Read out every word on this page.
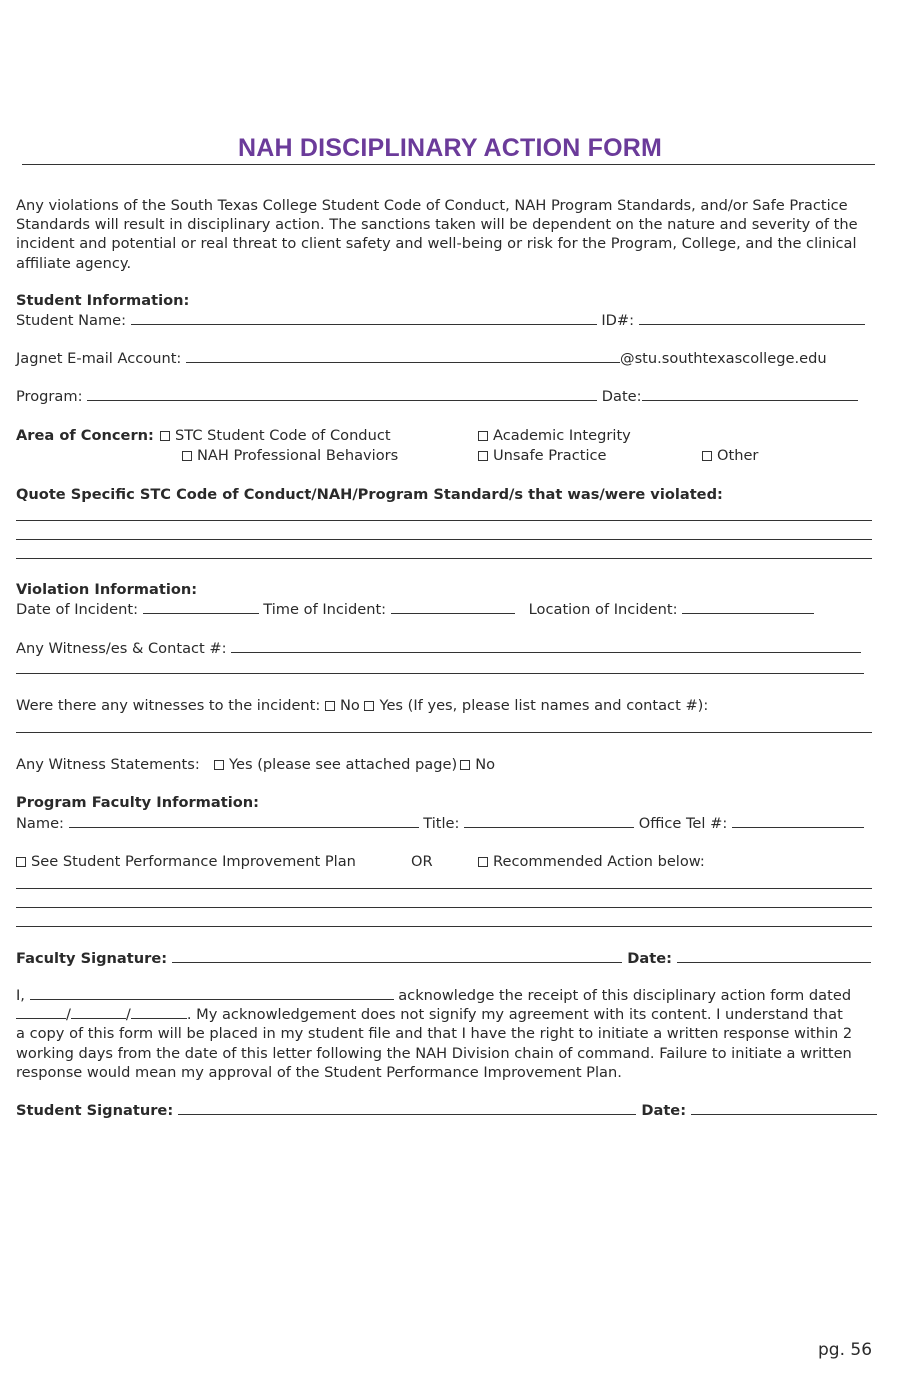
NAH DISCIPLINARY ACTION FORM

Any violations of the South Texas College Student Code of Conduct, NAH Program Standards, and/or Safe Practice Standards will result in disciplinary action. The sanctions taken will be dependent on the nature and severity of the incident and potential or real threat to client safety and well-being or risk for the Program, College, and the clinical affiliate agency.

Student Information:
Student Name:	ID#:
Jagnet E-mail Account:	@stu.southtexascollege.edu
Program:	Date:
Area of Concern:	STC Student Code of Conduct	Academic Integrity
NAH Professional Behaviors	Unsafe Practice	Other
Quote Specific STC Code of Conduct/NAH/Program Standard/s that was/were violated:
Violation Information:
Date of Incident:	Time of Incident:	Location of Incident:
Any Witness/es & Contact #:
Were there any witnesses to the incident: No Yes (If yes, please list names and contact #):
Any Witness Statements:	Yes (please see attached page) No
Program Faculty Information:
Name:	Title:	Office Tel #:
See Student Performance Improvement Plan	OR	Recommended Action below:
Faculty Signature:	Date:
I,	acknowledge the receipt of this disciplinary action form dated
/	/	. My acknowledgement does not signify my agreement with its content. I understand that
a copy of this form will be placed in my student file and that I have the right to initiate a written response within 2 working days from the date of this letter following the NAH Division chain of command. Failure to initiate a written response would mean my approval of the Student Performance Improvement Plan.
Student Signature:	Date:
pg. 56
